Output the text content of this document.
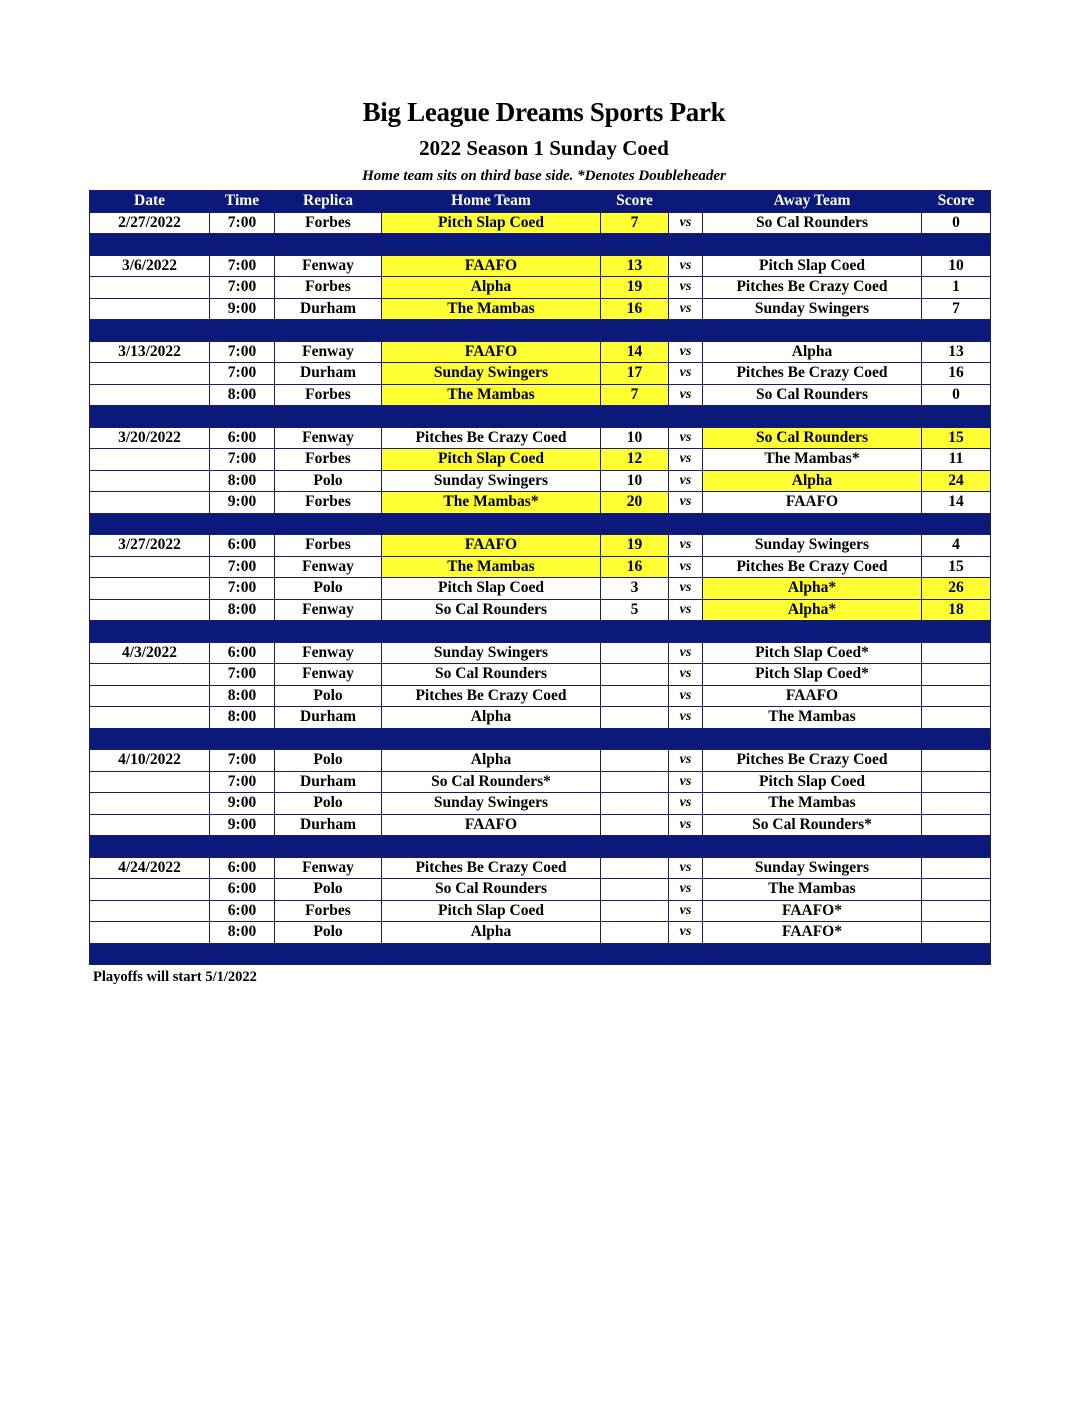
Big League Dreams Sports Park
2022 Season 1 Sunday Coed
Home team sits on third base side. *Denotes Doubleheader
Date	Time	Replica	Home Team	Score		Away Team	Score
2/27/2022	7:00	Forbes	Pitch Slap Coed	7	vs	So Cal Rounders	0

3/6/2022	7:00	Fenway	FAAFO	13	vs	Pitch Slap Coed	10
	7:00	Forbes	Alpha	19	vs	Pitches Be Crazy Coed	1
	9:00	Durham	The Mambas	16	vs	Sunday Swingers	7

3/13/2022	7:00	Fenway	FAAFO	14	vs	Alpha	13
	7:00	Durham	Sunday Swingers	17	vs	Pitches Be Crazy Coed	16
	8:00	Forbes	The Mambas	7	vs	So Cal Rounders	0

3/20/2022	6:00	Fenway	Pitches Be Crazy Coed	10	vs	So Cal Rounders	15
	7:00	Forbes	Pitch Slap Coed	12	vs	The Mambas*	11
	8:00	Polo	Sunday Swingers	10	vs	Alpha	24
	9:00	Forbes	The Mambas*	20	vs	FAAFO	14

3/27/2022	6:00	Forbes	FAAFO	19	vs	Sunday Swingers	4
	7:00	Fenway	The Mambas	16	vs	Pitches Be Crazy Coed	15
	7:00	Polo	Pitch Slap Coed	3	vs	Alpha*	26
	8:00	Fenway	So Cal Rounders	5	vs	Alpha*	18

4/3/2022	6:00	Fenway	Sunday Swingers		vs	Pitch Slap Coed*	
	7:00	Fenway	So Cal Rounders		vs	Pitch Slap Coed*	
	8:00	Polo	Pitches Be Crazy Coed		vs	FAAFO	
	8:00	Durham	Alpha		vs	The Mambas	

4/10/2022	7:00	Polo	Alpha		vs	Pitches Be Crazy Coed	
	7:00	Durham	So Cal Rounders*		vs	Pitch Slap Coed	
	9:00	Polo	Sunday Swingers		vs	The Mambas	
	9:00	Durham	FAAFO		vs	So Cal Rounders*	

4/24/2022	6:00	Fenway	Pitches Be Crazy Coed		vs	Sunday Swingers	
	6:00	Polo	So Cal Rounders		vs	The Mambas	
	6:00	Forbes	Pitch Slap Coed		vs	FAAFO*	
	8:00	Polo	Alpha		vs	FAAFO*	

Playoffs will start 5/1/2022
